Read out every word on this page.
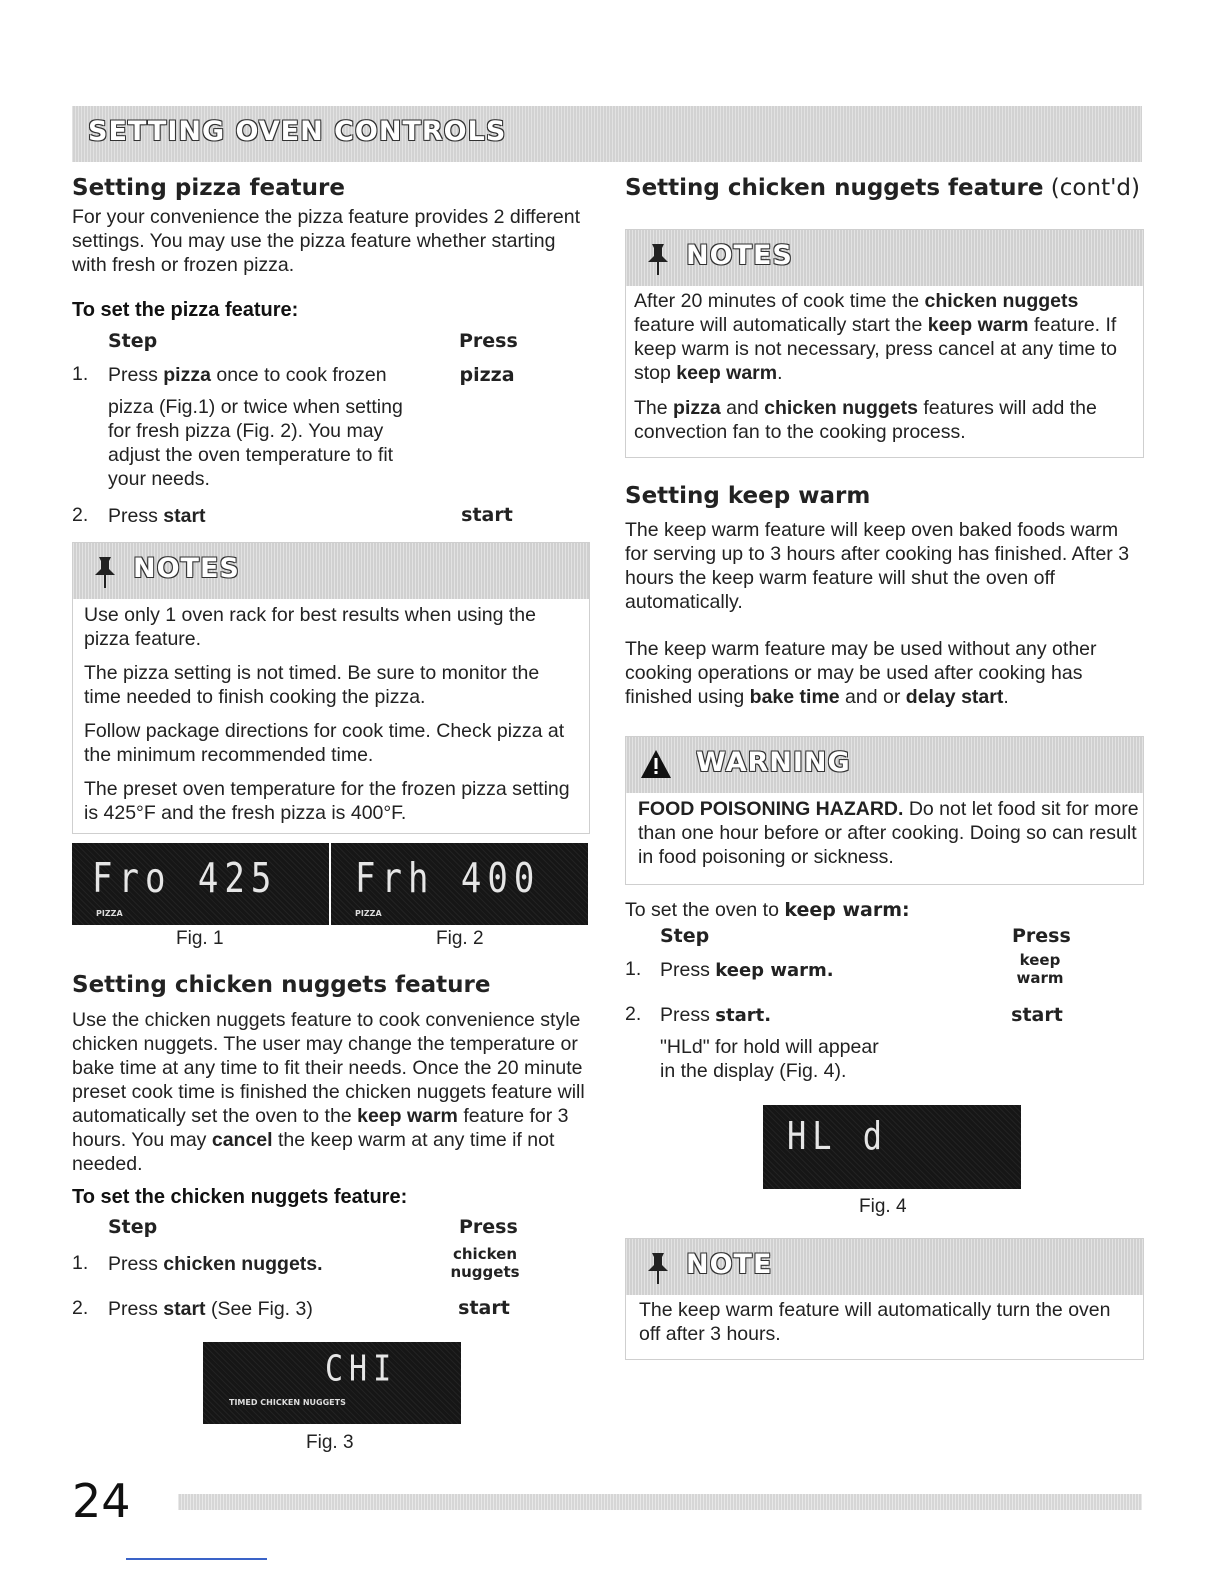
SETTING OVEN CONTROLS
Setting pizza feature

For your convenience the pizza feature provides 2 different settings. You may use the pizza feature whether starting with fresh or frozen pizza.

To set the pizza feature:
Step	Press
1. Press pizza once to cook frozen	pizza

pizza (Fig.1) or twice when setting for fresh pizza (Fig. 2). You may adjust the oven temperature to fit your needs.

2. Press start	start
NOTES

Use only 1 oven rack for best results when using the pizza feature.

The pizza setting is not timed. Be sure to monitor the time needed to finish cooking the pizza.

Follow package directions for cook time. Check pizza at the minimum recommended time.

The preset oven temperature for the frozen pizza setting is 425°F and the fresh pizza is 400°F.

Fro 425
PIZZA
Frh 400
PIZZA
Fig. 1	Fig. 2
Setting chicken nuggets feature

Use the chicken nuggets feature to cook convenience style chicken nuggets. The user may change the temperature or bake time at any time to fit their needs. Once the 20 minute preset cook time is finished the chicken nuggets feature will automatically set the oven to the keep warm feature for 3 hours. You may cancel the keep warm at any time if not needed.

To set the chicken nuggets feature:
Step	Press
1. Press chicken nuggets.	chicken
nuggets
2. Press start (See Fig. 3)	start
CHI
TIMED CHICKEN NUGGETS
Fig. 3
Setting chicken nuggets feature (cont'd)
NOTES

After 20 minutes of cook time the chicken nuggets feature will automatically start the keep warm feature. If keep warm is not necessary, press cancel at any time to stop keep warm.

The pizza and chicken nuggets features will add the convection fan to the cooking process.

Setting keep warm

The keep warm feature will keep oven baked foods warm for serving up to 3 hours after cooking has finished. After 3 hours the keep warm feature will shut the oven off automatically.

The keep warm feature may be used without any other cooking operations or may be used after cooking has finished using bake time and or delay start.

WARNING

FOOD POISONING HAZARD. Do not let food sit for more than one hour before or after cooking. Doing so can result in food poisoning or sickness.

To set the oven to keep warm:
Step	Press
1. Press keep warm.	keep
warm
2. Press start.	start

"HLd" for hold will appear in the display (Fig. 4).

HL d
Fig. 4
NOTE

The keep warm feature will automatically turn the oven off after 3 hours.

24
